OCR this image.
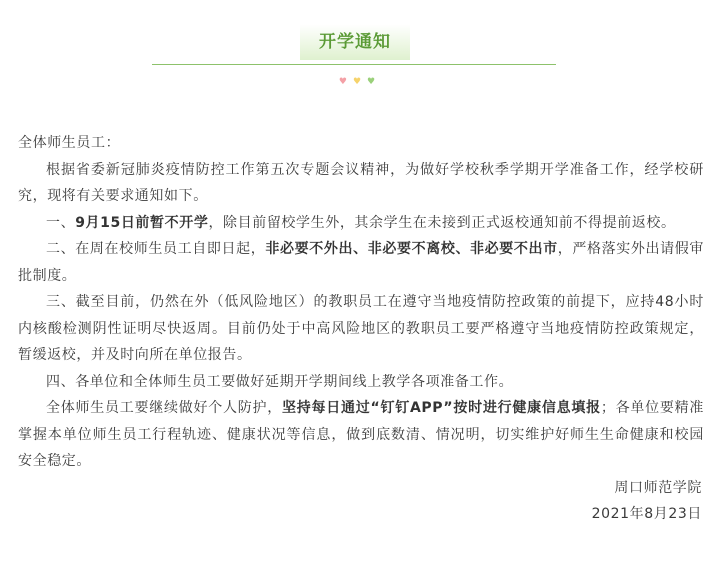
开学通知
♥♥♥

全体师生员工：

根据省委新冠肺炎疫情防控工作第五次专题会议精神，为做好学校秋季学期开学准备工作，经学校研究，现将有关要求通知如下。

一、9月15日前暂不开学，除目前留校学生外，其余学生在未接到正式返校通知前不得提前返校。

二、在周在校师生员工自即日起，非必要不外出、非必要不离校、非必要不出市，严格落实外出请假审批制度。

三、截至目前，仍然在外（低风险地区）的教职员工在遵守当地疫情防控政策的前提下，应持48小时内核酸检测阴性证明尽快返周。目前仍处于中高风险地区的教职员工要严格遵守当地疫情防控政策规定，暂缓返校，并及时向所在单位报告。

四、各单位和全体师生员工要做好延期开学期间线上教学各项准备工作。

全体师生员工要继续做好个人防护，坚持每日通过“钉钉APP”按时进行健康信息填报；各单位要精准掌握本单位师生员工行程轨迹、健康状况等信息，做到底数清、情况明，切实维护好师生生命健康和校园安全稳定。

周口师范学院

2021年8月23日
